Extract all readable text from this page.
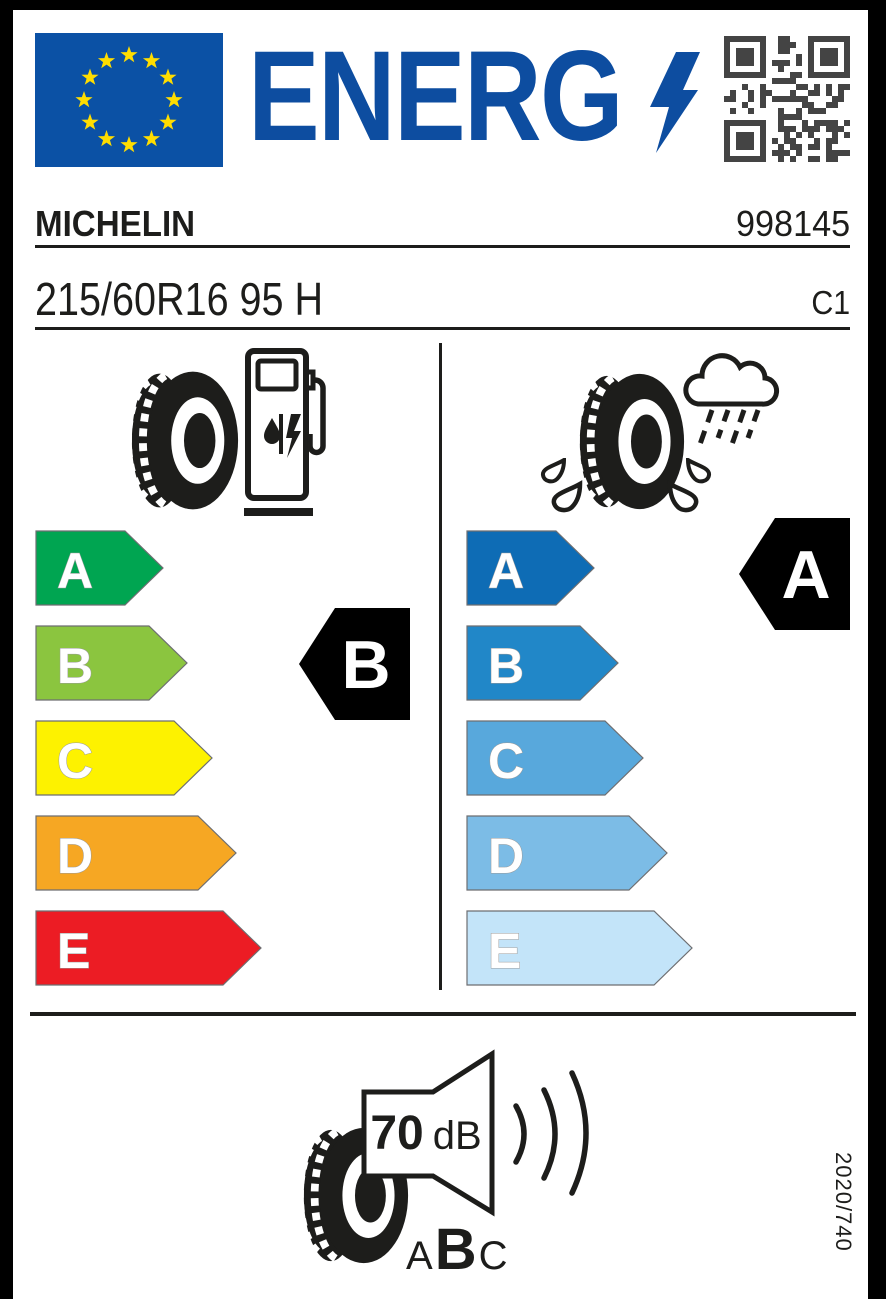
ENERG
MICHELIN	998145
215/60R16 95 H	C1
A
B
C
D
E
A
B
C
D
E
B
A
70 dB
A B C
2020/740
